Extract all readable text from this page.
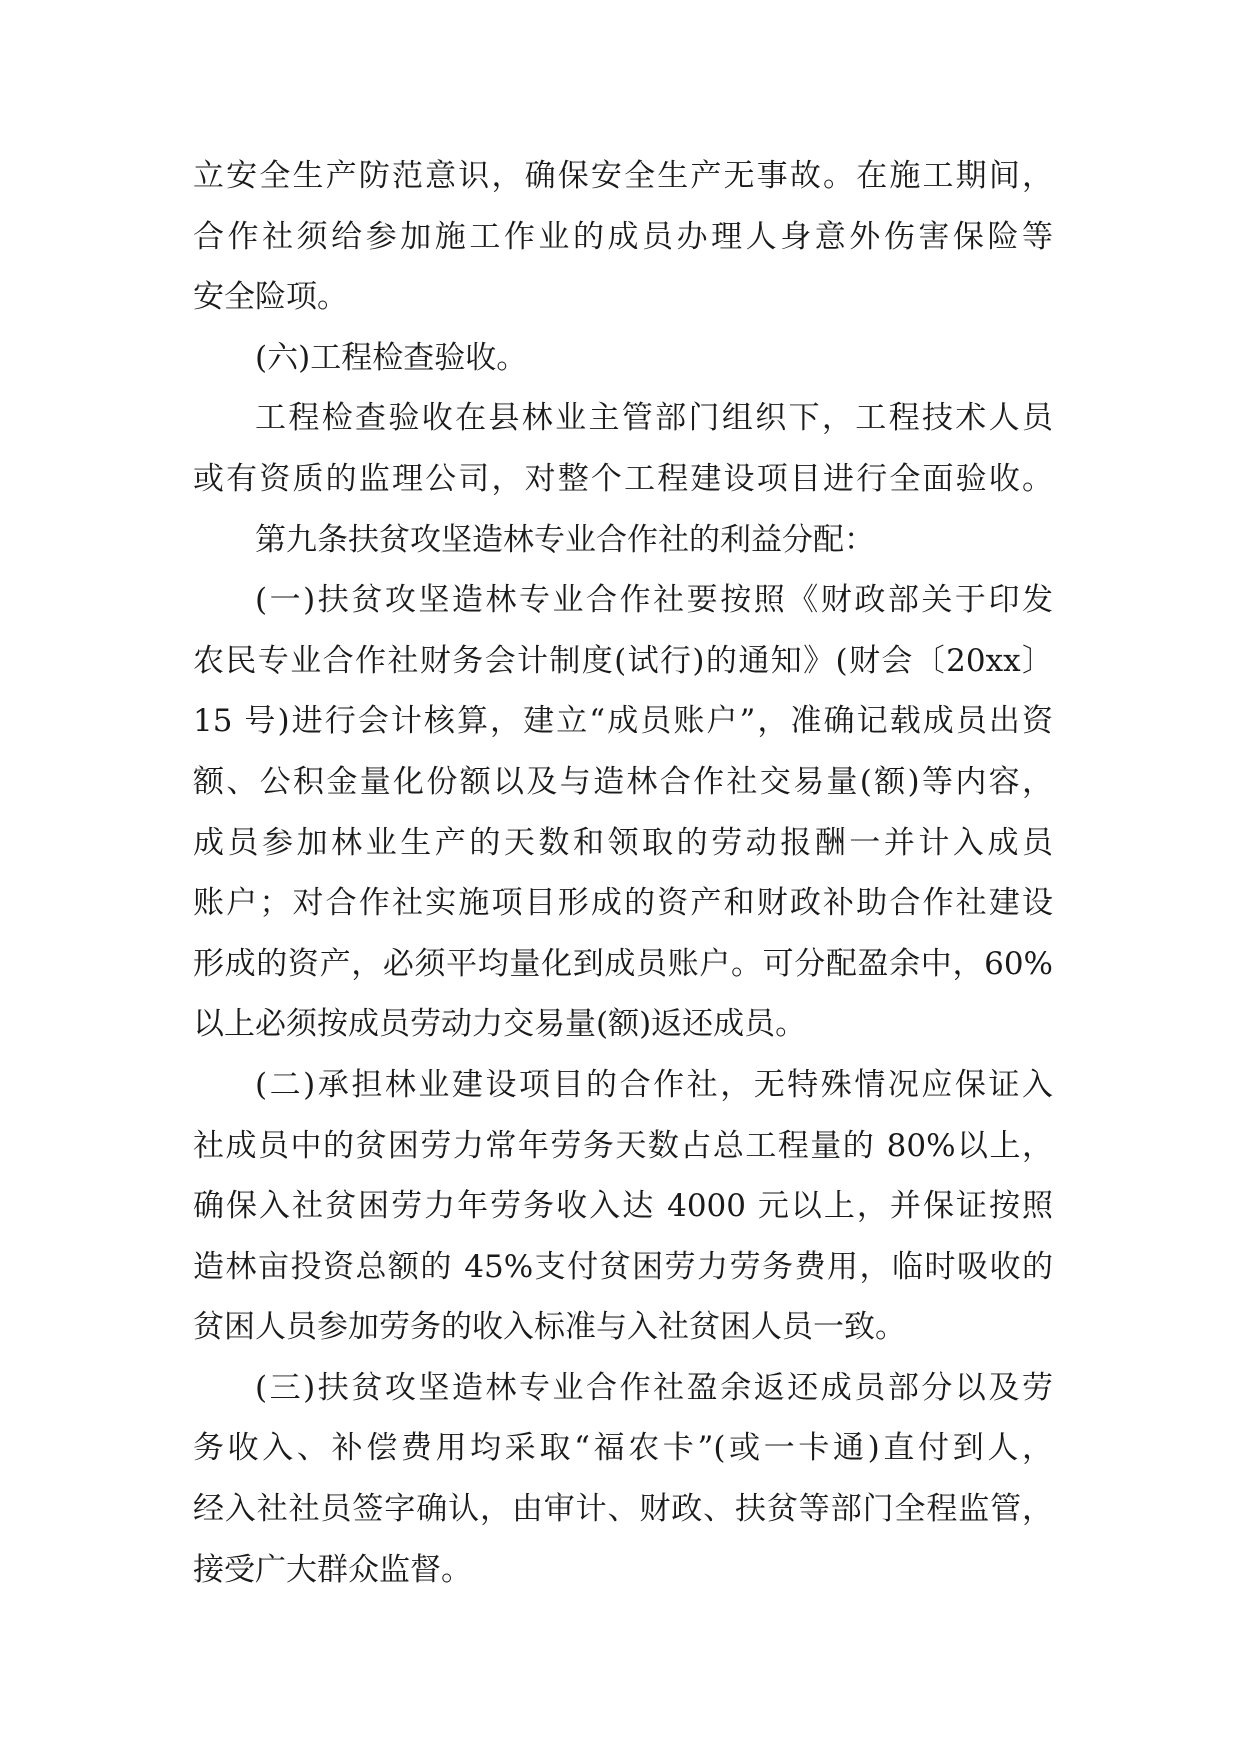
立安全生产防范意识，确保安全生产无事故。在施工期间，
合作社须给参加施工作业的成员办理人身意外伤害保险等
安全险项。
(六)工程检查验收。
工程检查验收在县林业主管部门组织下，工程技术人员
或有资质的监理公司，对整个工程建设项目进行全面验收。
第九条扶贫攻坚造林专业合作社的利益分配：
(一)扶贫攻坚造林专业合作社要按照《财政部关于印发
农民专业合作社财务会计制度(试行)的通知》(财会〔20xx〕
15 号)进行会计核算，建立“成员账户”，准确记载成员出资
额、公积金量化份额以及与造林合作社交易量(额)等内容，
成员参加林业生产的天数和领取的劳动报酬一并计入成员
账户；对合作社实施项目形成的资产和财政补助合作社建设
形成的资产，必须平均量化到成员账户。可分配盈余中，60%
以上必须按成员劳动力交易量(额)返还成员。
(二)承担林业建设项目的合作社，无特殊情况应保证入
社成员中的贫困劳力常年劳务天数占总工程量的 80%以上，
确保入社贫困劳力年劳务收入达 4000 元以上，并保证按照
造林亩投资总额的 45%支付贫困劳力劳务费用，临时吸收的
贫困人员参加劳务的收入标准与入社贫困人员一致。
(三)扶贫攻坚造林专业合作社盈余返还成员部分以及劳
务收入、补偿费用均采取“福农卡”(或一卡通)直付到人，
经入社社员签字确认，由审计、财政、扶贫等部门全程监管，
接受广大群众监督。
